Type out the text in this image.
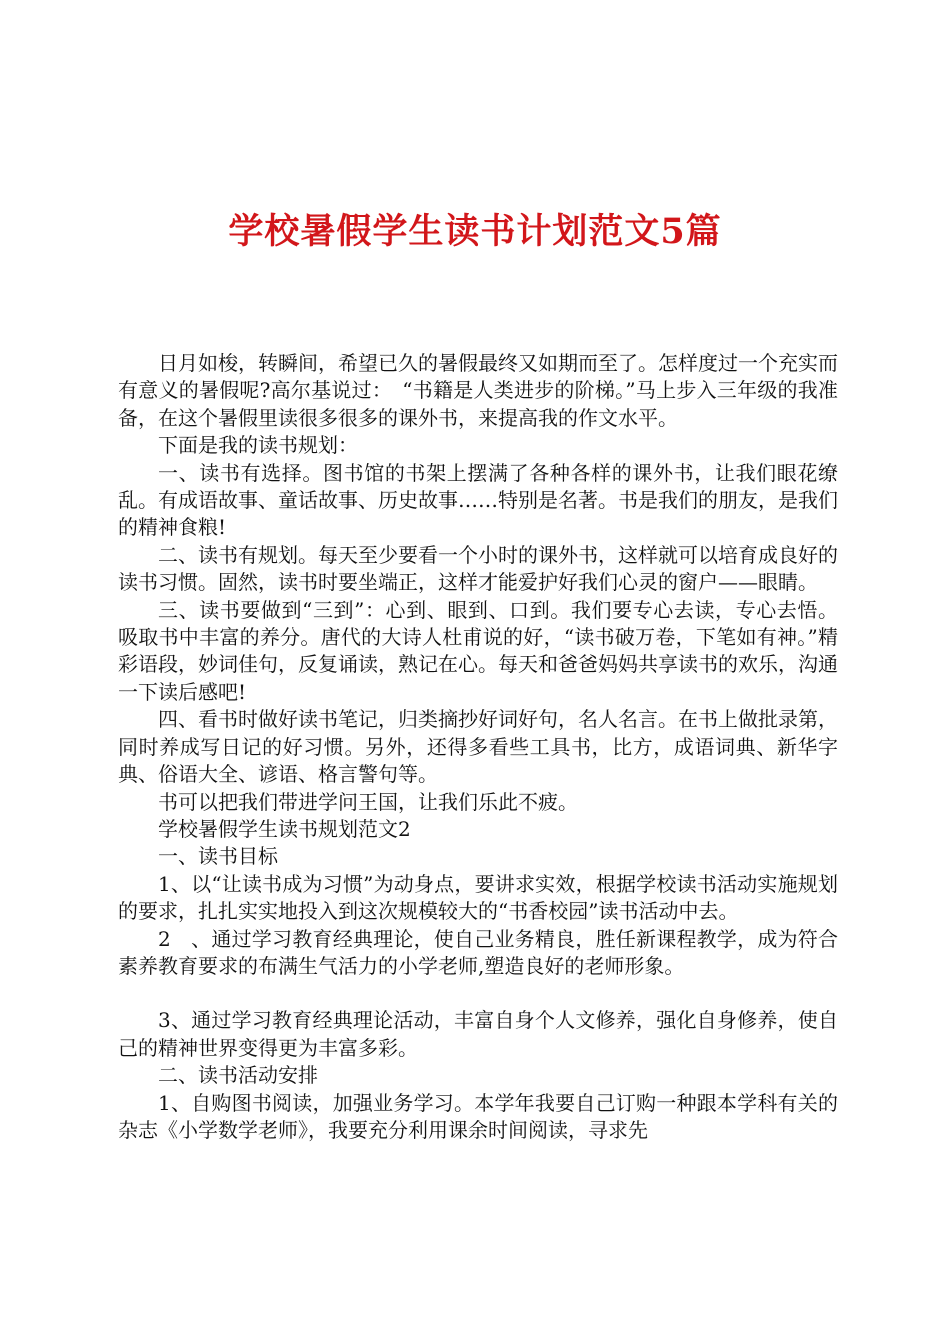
学校暑假学生读书计划范文5篇

日月如梭，转瞬间，希望已久的暑假最终又如期而至了。怎样度过一个充实而有意义的暑假呢?高尔基说过：　“书籍是人类进步的阶梯。”马上步入三年级的我准备，在这个暑假里读很多很多的课外书，来提高我的作文水平。

下面是我的读书规划：

一、读书有选择。图书馆的书架上摆满了各种各样的课外书，让我们眼花缭乱。有成语故事、童话故事、历史故事……特别是名著。书是我们的朋友，是我们的精神食粮!

二、读书有规划。每天至少要看一个小时的课外书，这样就可以培育成良好的读书习惯。固然，读书时要坐端正，这样才能爱护好我们心灵的窗户——眼睛。

三、读书要做到“三到”：心到、眼到、口到。我们要专心去读，专心去悟。吸取书中丰富的养分。唐代的大诗人杜甫说的好，“读书破万卷，下笔如有神。”精彩语段，妙词佳句，反复诵读，熟记在心。每天和爸爸妈妈共享读书的欢乐，沟通一下读后感吧!

四、看书时做好读书笔记，归类摘抄好词好句，名人名言。在书上做批录第，同时养成写日记的好习惯。另外，还得多看些工具书，比方，成语词典、新华字典、俗语大全、谚语、格言警句等。

书可以把我们带进学问王国，让我们乐此不疲。

学校暑假学生读书规划范文2

一、读书目标

1、以“让读书成为习惯”为动身点，要讲求实效，根据学校读书活动实施规划的要求，扎扎实实地投入到这次规模较大的“书香校园”读书活动中去。

2　、通过学习教育经典理论，使自己业务精良，胜任新课程教学，成为符合素养教育要求的布满生气活力的小学老师,塑造良好的老师形象。

3、通过学习教育经典理论活动，丰富自身个人文修养，强化自身修养，使自己的精神世界变得更为丰富多彩。

二、读书活动安排

1、自购图书阅读，加强业务学习。本学年我要自己订购一种跟本学科有关的杂志《小学数学老师》，我要充分利用课余时间阅读，寻求先
